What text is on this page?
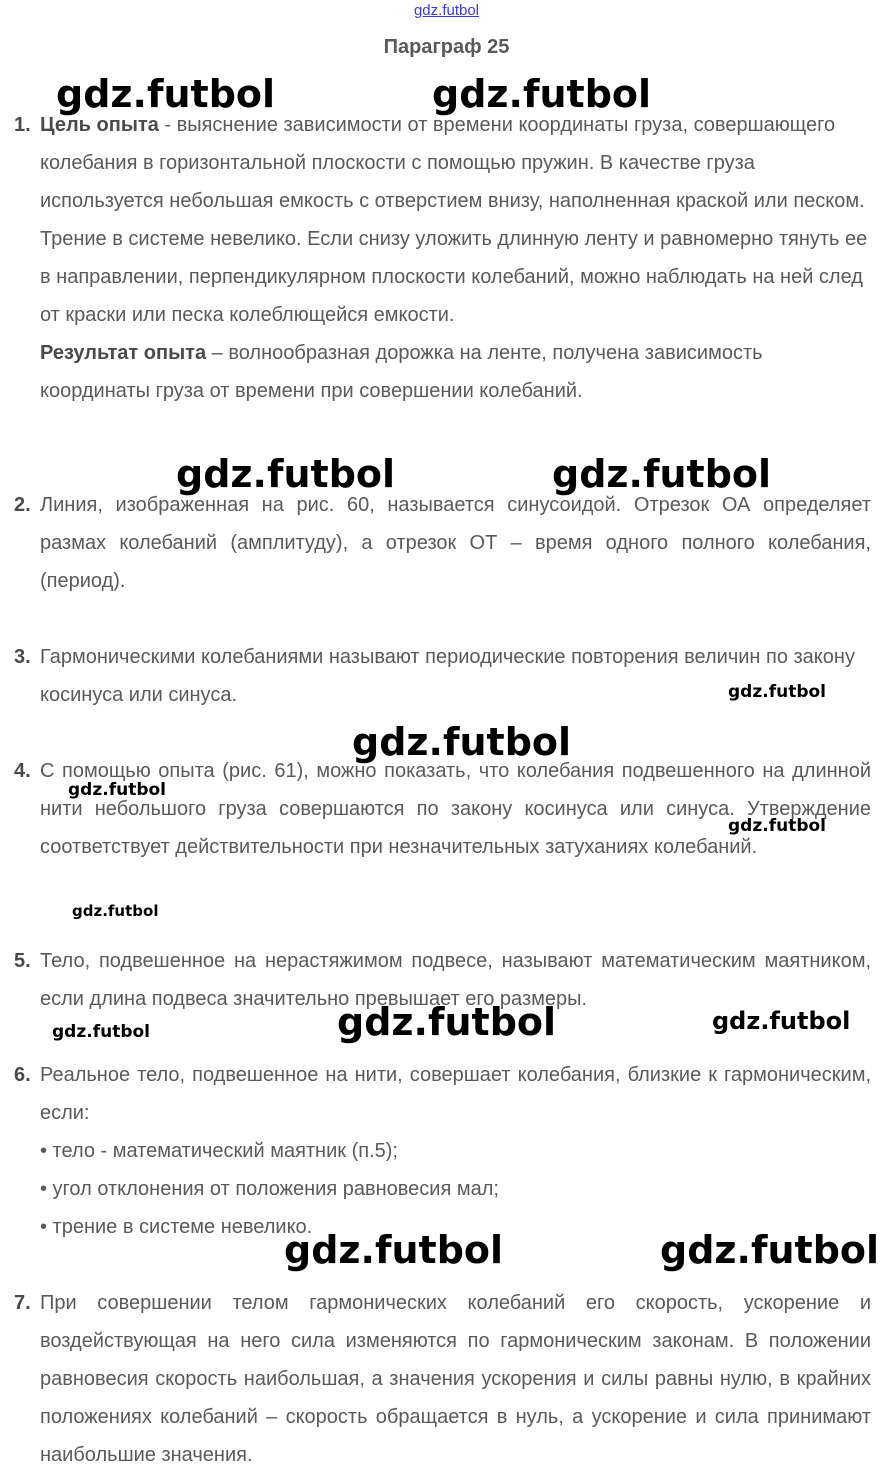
gdz.futbol
Параграф 25
1. Цель опыта - выяснение зависимости от времени координаты груза, совершающего колебания в горизонтальной плоскости с помощью пружин. В качестве груза используется небольшая емкость с отверстием внизу, наполненная краской или песком. Трение в системе невелико. Если снизу уложить длинную ленту и равномерно тянуть ее в направлении, перпендикулярном плоскости колебаний, можно наблюдать на ней след от краски или песка колеблющейся емкости.

Результат опыта – волнообразная дорожка на ленте, получена зависимость координаты груза от времени при совершении колебаний.

2. Линия, изображенная на рис. 60, называется синусоидой. Отрезок ОА определяет размах колебаний (амплитуду), а отрезок ОТ – время одного полного колебания, (период).

3. Гармоническими колебаниями называют периодические повторения величин по закону косинуса или синуса.

4. С помощью опыта (рис. 61), можно показать, что колебания подвешенного на длинной нити небольшого груза совершаются по закону косинуса или синуса. Утверждение соответствует действительности при незначительных затуханиях колебаний.

5. Тело, подвешенное на нерастяжимом подвесе, называют математическим маятником, если длина подвеса значительно превышает его размеры.

6. Реальное тело, подвешенное на нити, совершает колебания, близкие к гармоническим, если:

• тело - математический маятник (п.5);

• угол отклонения от положения равновесия мал;

• трение в системе невелико.

7. При совершении телом гармонических колебаний его скорость, ускорение и воздействующая на него сила изменяются по гармоническим законам. В положении равновесия скорость наибольшая, а значения ускорения и силы равны нулю, в крайних положениях колебаний – скорость обращается в нуль, а ускорение и сила принимают наибольшие значения.

gdz.futbol	gdz.futbol
gdz.futbol	gdz.futbol
gdz.futbol
gdz.futbol
gdz.futbol
gdz.futbol
gdz.futbol
gdz.futbol	gdz.futbol	gdz.futbol
gdz.futbol	gdz.futbol
